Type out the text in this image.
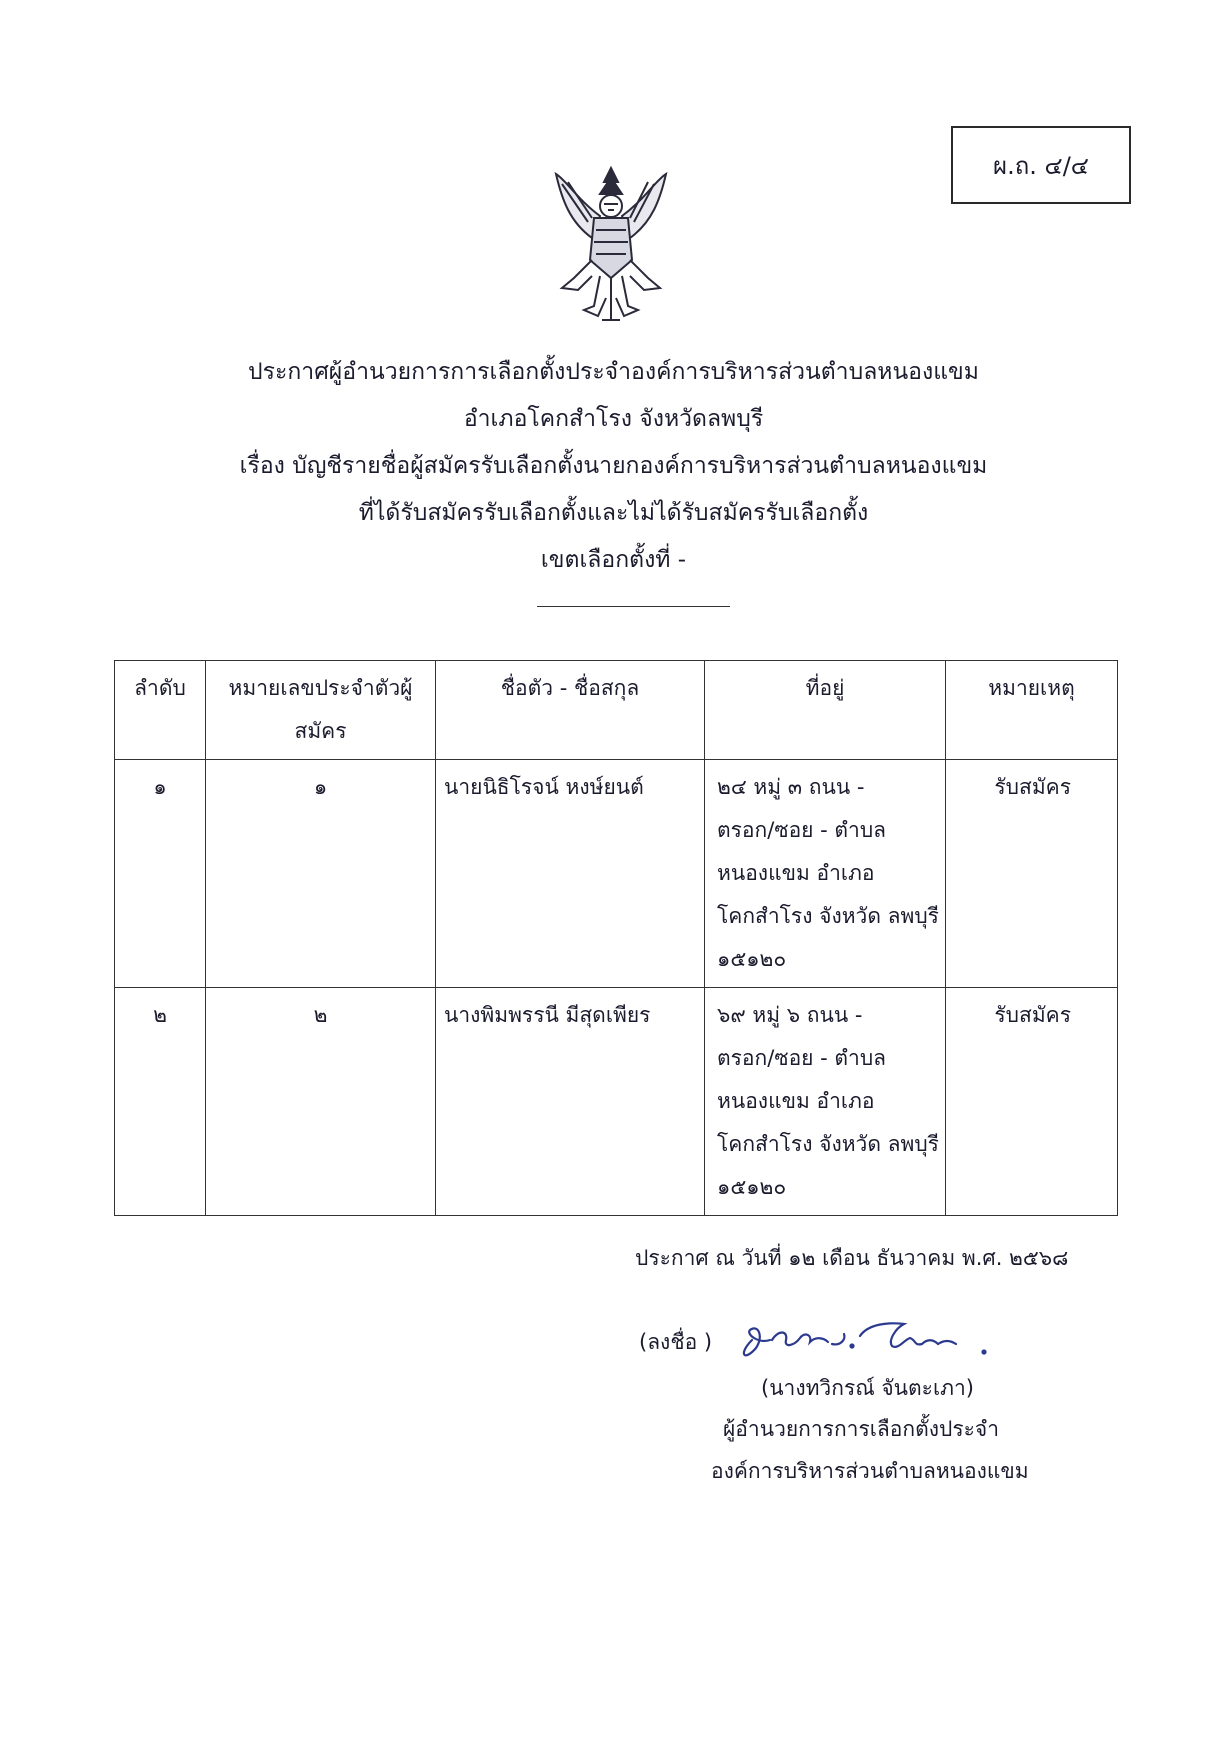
ผ.ถ. ๔/๔
ประกาศผู้อำนวยการการเลือกตั้งประจำองค์การบริหารส่วนตำบลหนองแขม
อำเภอโคกสำโรง จังหวัดลพบุรี
เรื่อง บัญชีรายชื่อผู้สมัครรับเลือกตั้งนายกองค์การบริหารส่วนตำบลหนองแขม
ที่ได้รับสมัครรับเลือกตั้งและไม่ได้รับสมัครรับเลือกตั้ง
เขตเลือกตั้งที่ -
ลำดับ	หมายเลขประจำตัวผู้สมัคร	ชื่อตัว - ชื่อสกุล	ที่อยู่	หมายเหตุ
๑	๑	นายนิธิโรจน์ หงษ์ยนต์	๒๔ หมู่ ๓ ถนน -
ตรอก/ซอย - ตำบล
หนองแขม อำเภอ
โคกสำโรง จังหวัด ลพบุรี
๑๕๑๒๐	รับสมัคร
๒	๒	นางพิมพรรนี มีสุดเพียร	๖๙ หมู่ ๖ ถนน -
ตรอก/ซอย - ตำบล
หนองแขม อำเภอ
โคกสำโรง จังหวัด ลพบุรี
๑๕๑๒๐	รับสมัคร
ประกาศ ณ วันที่ ๑๒ เดือน ธันวาคม พ.ศ. ๒๕๖๘
(ลงชื่อ )
(นางทวิกรณ์ จันตะเภา)
ผู้อำนวยการการเลือกตั้งประจำ
องค์การบริหารส่วนตำบลหนองแขม
